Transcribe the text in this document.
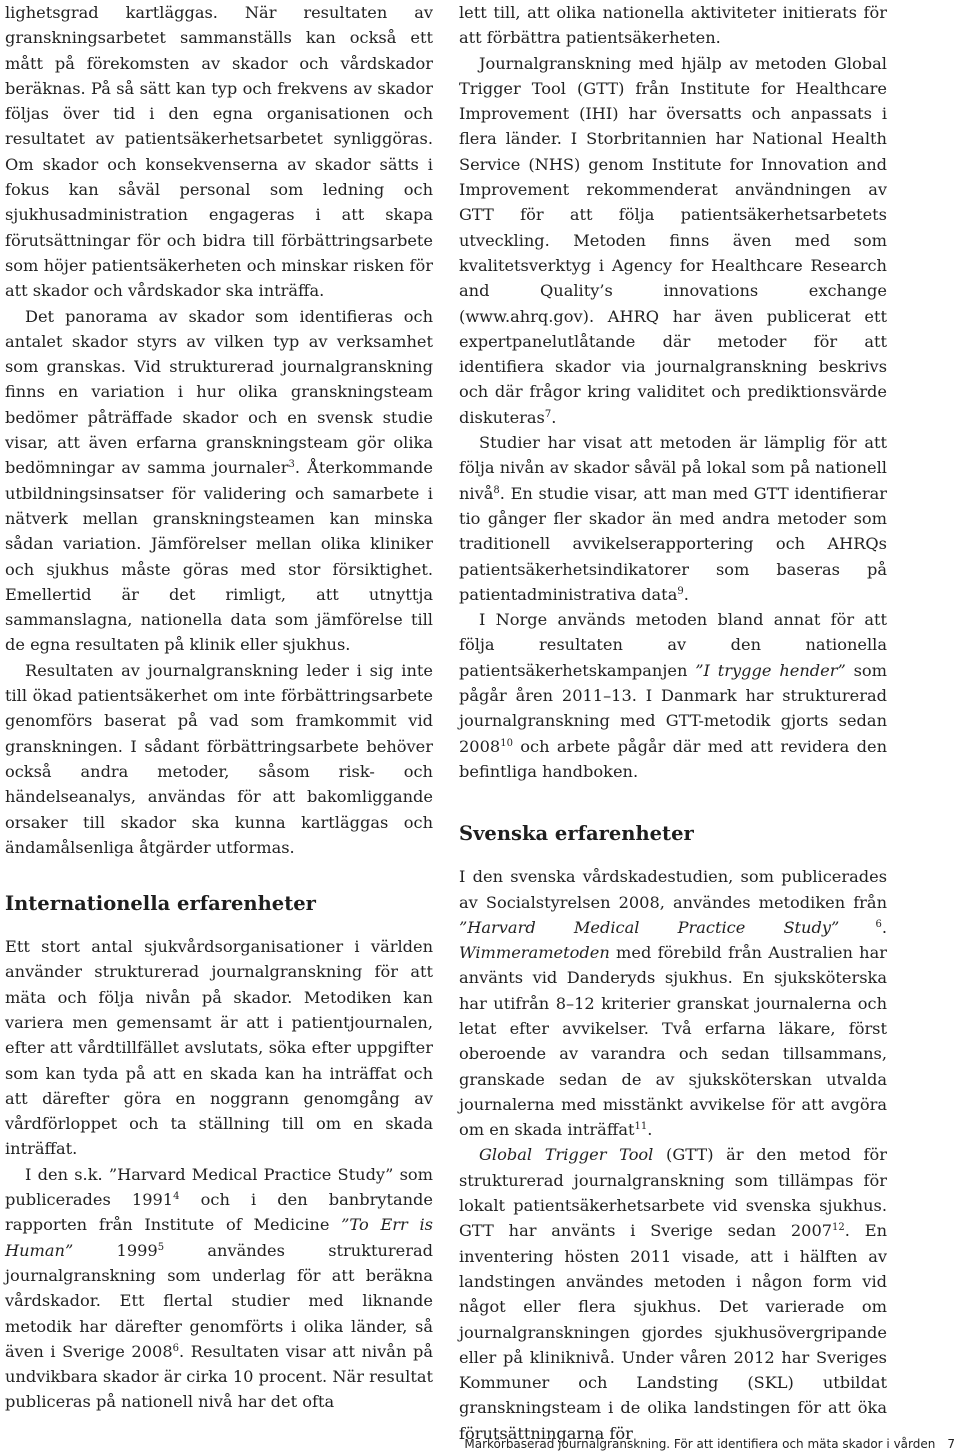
lighetsgrad kartläggas. När resultaten av granskningsarbetet sammanställs kan också ett mått på förekomsten av skador och vårdskador beräknas. På så sätt kan typ och frekvens av skador följas över tid i den egna organisationen och resultatet av patientsäkerhetsarbetet synliggöras. Om skador och konsekvenserna av skador sätts i fokus kan såväl personal som ledning och sjukhusadministration engageras i att skapa förutsättningar för och bidra till förbättringsarbete som höjer patientsäkerheten och minskar risken för att skador och vårdskador ska inträffa.

Det panorama av skador som identifieras och antalet skador styrs av vilken typ av verksamhet som granskas. Vid strukturerad journalgranskning finns en variation i hur olika granskningsteam bedömer påträffade skador och en svensk studie visar, att även erfarna granskningsteam gör olika bedömningar av samma journaler$^3$. Återkommande utbildningsinsatser för validering och samarbete i nätverk mellan granskningsteamen kan minska sådan variation. Jämförelser mellan olika kliniker och sjukhus måste göras med stor försiktighet. Emellertid är det rimligt, att utnyttja sammanslagna, nationella data som jämförelse till de egna resultaten på klinik eller sjukhus.

Resultaten av journalgranskning leder i sig inte till ökad patientsäkerhet om inte förbättringsarbete genomförs baserat på vad som framkommit vid granskningen. I sådant förbättringsarbete behöver också andra metoder, såsom risk- och händelseanalys, användas för att bakomliggande orsaker till skador ska kunna kartläggas och ändamålsenliga åtgärder utformas.

Internationella erfarenheter

Ett stort antal sjukvårdsorganisationer i världen använder strukturerad journalgranskning för att mäta och följa nivån på skador. Metodiken kan variera men gemensamt är att i patientjournalen, efter att vårdtillfället avslutats, söka efter uppgifter som kan tyda på att en skada kan ha inträffat och att därefter göra en noggrann genomgång av vårdförloppet och ta ställning till om en skada inträffat.

I den s.k. ”Harvard Medical Practice Study” som publicerades 1991$^4$ och i den banbrytande rapporten från Institute of Medicine ”To Err is Human” 1999$^5$ användes strukturerad journalgranskning som underlag för att beräkna vårdskador. Ett flertal studier med liknande metodik har därefter genomförts i olika länder, så även i Sverige 2008$^6$. Resultaten visar att nivån på undvikbara skador är cirka 10 procent. När resultat publiceras på nationell nivå har det ofta

lett till, att olika nationella aktiviteter initierats för att förbättra patientsäkerheten.

Journalgranskning med hjälp av metoden Global Trigger Tool (GTT) från Institute for Healthcare Improvement (IHI) har översatts och anpassats i flera länder. I Storbritannien har National Health Service (NHS) genom Institute for Innovation and Improvement rekommenderat användningen av GTT för att följa patientsäkerhetsarbetets utveckling. Metoden finns även med som kvalitetsverktyg i Agency for Healthcare Research and Quality’s innovations exchange (www.ahrq.gov). AHRQ har även publicerat ett expertpanelutlåtande där metoder för att identifiera skador via journalgranskning beskrivs och där frågor kring validitet och prediktionsvärde diskuteras$^7$.

Studier har visat att metoden är lämplig för att följa nivån av skador såväl på lokal som på nationell nivå$^8$. En studie visar, att man med GTT identifierar tio gånger fler skador än med andra metoder som traditionell avvikelserapportering och AHRQs patientsäkerhetsindikatorer som baseras på patientadministrativa data$^9$.

I Norge används metoden bland annat för att följa resultaten av den nationella patientsäkerhetskampanjen ”I trygge hender” som pågår åren 2011–13. I Danmark har strukturerad journalgranskning med GTT-metodik gjorts sedan 2008$^{10}$ och arbete pågår där med att revidera den befintliga handboken.

Svenska erfarenheter

I den svenska vårdskadestudien, som publicerades av Socialstyrelsen 2008, användes metodiken från ”Harvard Medical Practice Study” $^6$. Wimmerametoden med förebild från Australien har använts vid Danderyds sjukhus. En sjuksköterska har utifrån 8–12 kriterier granskat journalerna och letat efter avvikelser. Två erfarna läkare, först oberoende av varandra och sedan tillsammans, granskade sedan de av sjuksköterskan utvalda journalerna med misstänkt avvikelse för att avgöra om en skada inträffat$^{11}$.

Global Trigger Tool (GTT) är den metod för strukturerad journalgranskning som tillämpas för lokalt patientsäkerhetsarbete vid svenska sjukhus. GTT har använts i Sverige sedan 2007$^{12}$. En inventering hösten 2011 visade, att i hälften av landstingen användes metoden i någon form vid något eller flera sjukhus. Det varierade om journalgranskningen gjordes sjukhusövergripande eller på kliniknivå. Under våren 2012 har Sveriges Kommuner och Landsting (SKL) utbildat granskningsteam i de olika landstingen för att öka förutsättningarna för

Markörbaserad journalgranskning. För att identifiera och mäta skador i vården 7
